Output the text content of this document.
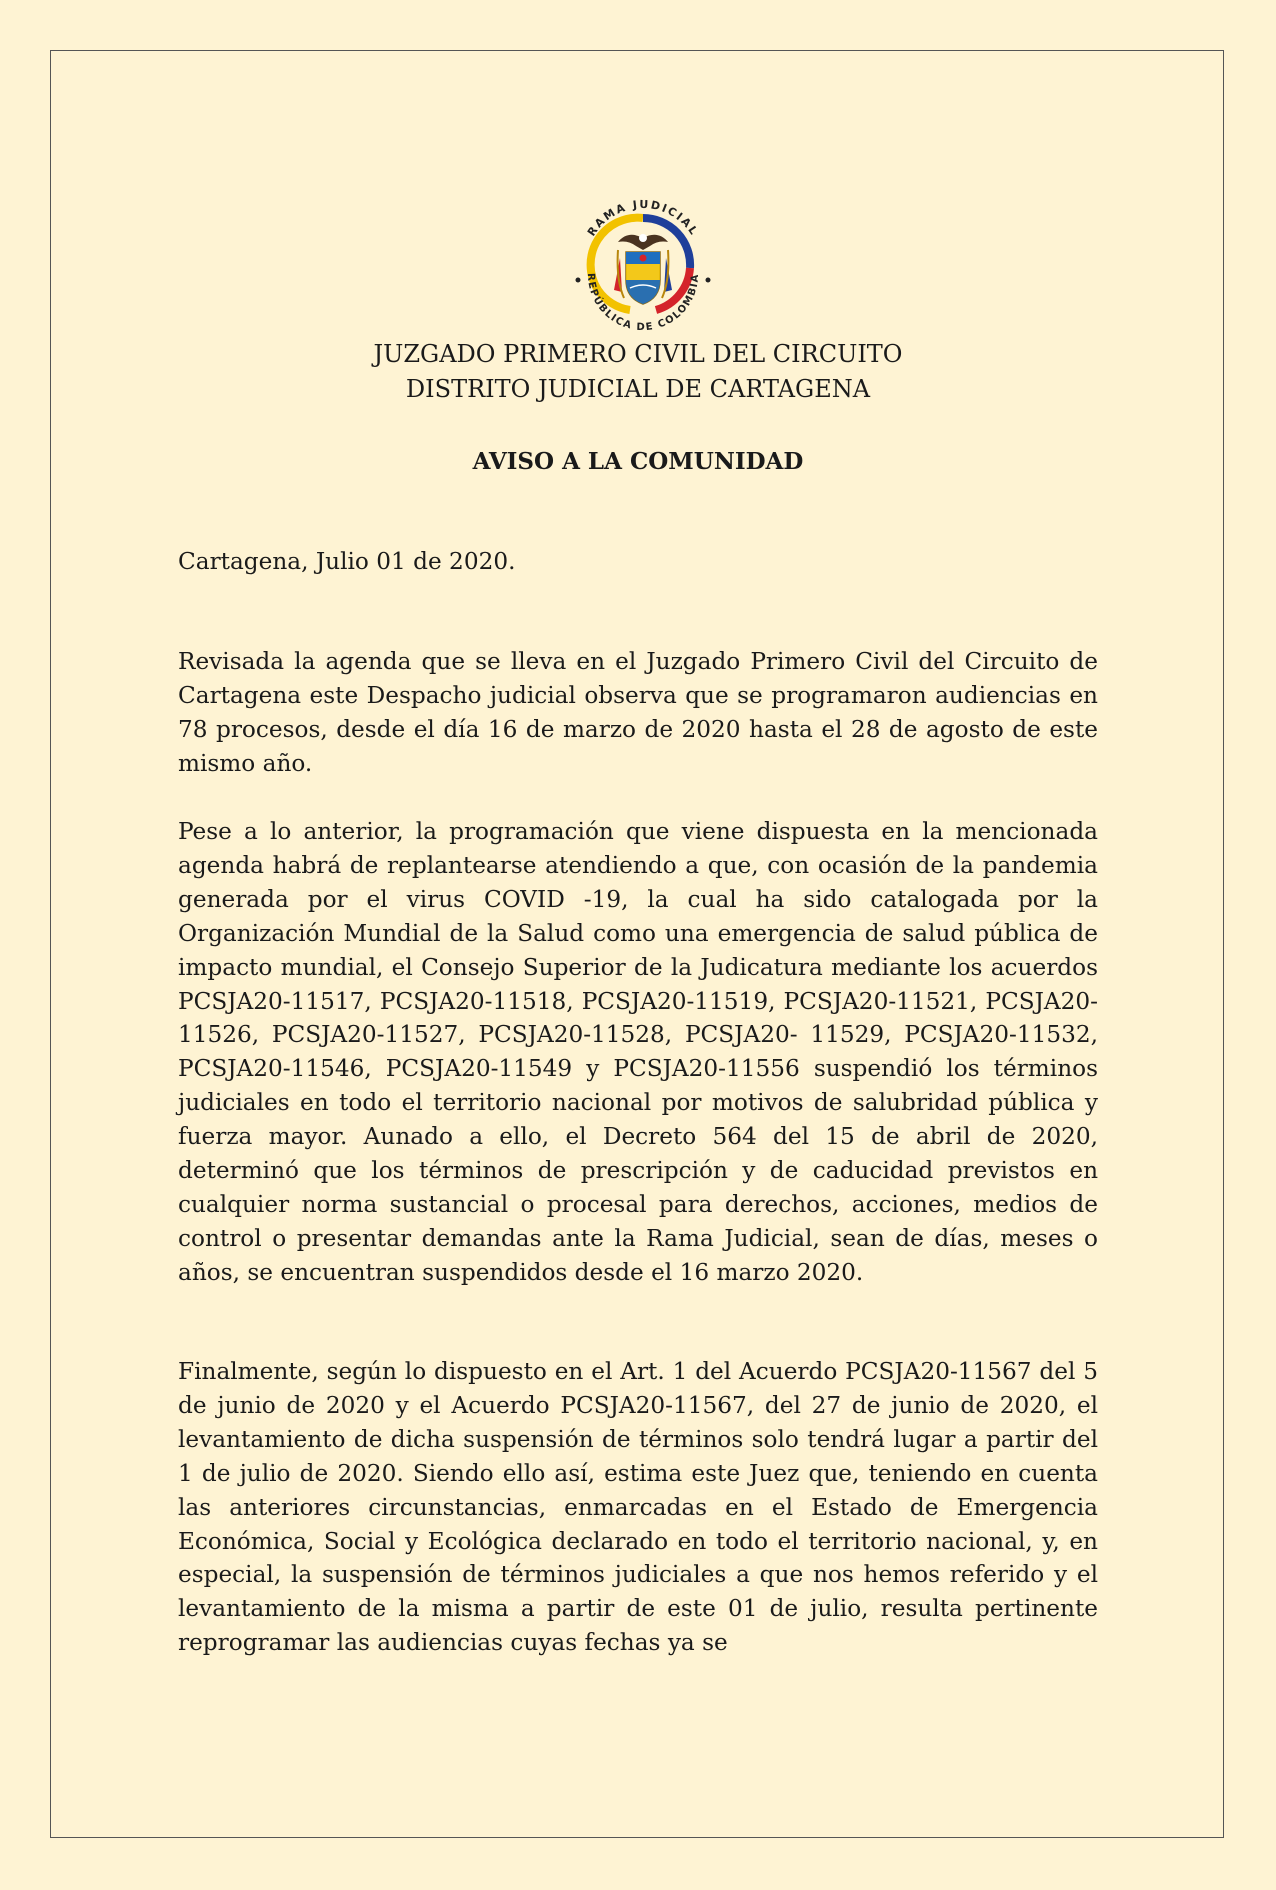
RAMA JUDICIAL
REPÚBLICA DE COLOMBIA
JUZGADO PRIMERO CIVIL DEL CIRCUITO
DISTRITO JUDICIAL DE CARTAGENA
AVISO A LA COMUNIDAD

Cartagena, Julio 01 de 2020.

Revisada la agenda que se lleva en el Juzgado Primero Civil del Circuito de Cartagena este Despacho judicial observa que se programaron audiencias en 78 procesos, desde el día 16 de marzo de 2020 hasta el 28 de agosto de este mismo año.

Pese a lo anterior, la programación que viene dispuesta en la mencionada agenda habrá de replantearse atendiendo a que, con ocasión de la pandemia generada por el virus COVID -19, la cual ha sido catalogada por la Organización Mundial de la Salud como una emergencia de salud pública de impacto mundial, el Consejo Superior de la Judicatura mediante los acuerdos PCSJA20-11517, PCSJA20-11518, PCSJA20-11519, PCSJA20-11521, PCSJA20-11526, PCSJA20-11527, PCSJA20-11528, PCSJA20- 11529, PCSJA20-11532, PCSJA20-11546, PCSJA20-11549 y PCSJA20-11556 suspendió los términos judiciales en todo el territorio nacional por motivos de salubridad pública y fuerza mayor. Aunado a ello, el Decreto 564 del 15 de abril de 2020, determinó que los términos de prescripción y de caducidad previstos en cualquier norma sustancial o procesal para derechos, acciones, medios de control o presentar demandas ante la Rama Judicial, sean de días, meses o años, se encuentran suspendidos desde el 16 marzo 2020.

Finalmente, según lo dispuesto en el Art. 1 del Acuerdo PCSJA20-11567 del 5 de junio de 2020 y el Acuerdo PCSJA20-11567, del 27 de junio de 2020, el levantamiento de dicha suspensión de términos solo tendrá lugar a partir del 1 de julio de 2020. Siendo ello así, estima este Juez que, teniendo en cuenta las anteriores circunstancias, enmarcadas en el Estado de Emergencia Económica, Social y Ecológica declarado en todo el territorio nacional, y, en especial, la suspensión de términos judiciales a que nos hemos referido y el levantamiento de la misma a partir de este 01 de julio, resulta pertinente reprogramar las audiencias cuyas fechas ya se
